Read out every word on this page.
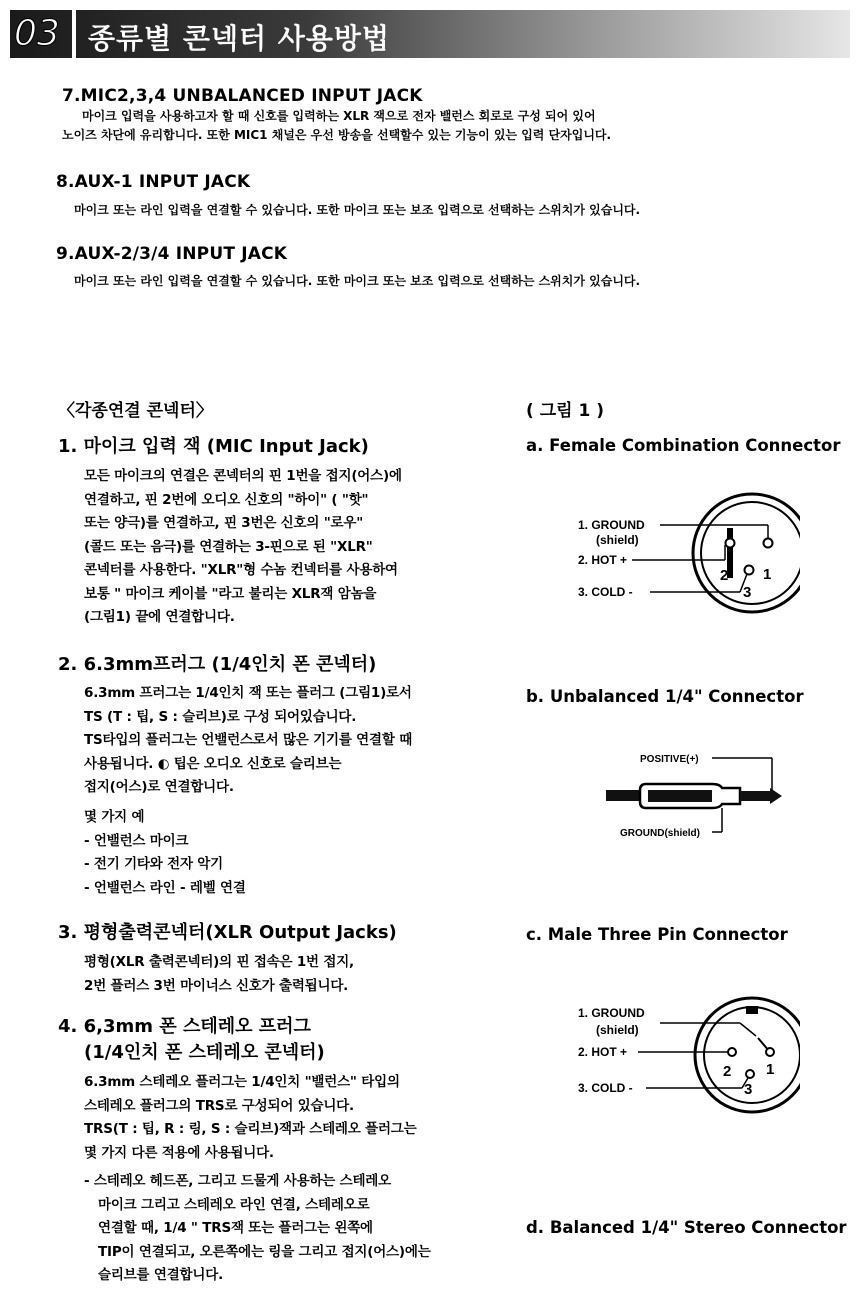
03 종류별 콘넥터 사용방법
7.MIC2,3,4 UNBALANCED INPUT JACK
마이크 입력을 사용하고자 할 때 신호를 입력하는 XLR 잭으로 전자 밸런스 회로로 구성 되어 있어
노이즈 차단에 유리합니다. 또한 MIC1 채널은 우선 방송을 선택할수 있는 기능이 있는 입력 단자입니다.
8.AUX-1 INPUT JACK
마이크 또는 라인 입력을 연결할 수 있습니다. 또한 마이크 또는 보조 입력으로 선택하는 스위치가 있습니다.
9.AUX-2/3/4 INPUT JACK
마이크 또는 라인 입력을 연결할 수 있습니다. 또한 마이크 또는 보조 입력으로 선택하는 스위치가 있습니다.
〈각종연결 콘넥터〉	( 그림 1 )
1. 마이크 입력 잭 (MIC Input Jack)
모든 마이크의 연결은 콘넥터의 핀 1번을 접지(어스)에
연결하고, 핀 2번에 오디오 신호의 "하이" ( "핫"
또는 양극)를 연결하고, 핀 3번은 신호의 "로우"
(콜드 또는 음극)를 연결하는 3-핀으로 된 "XLR"
콘넥터를 사용한다. "XLR"형 수놈 컨넥터를 사용하여
보통 " 마이크 케이블 "라고 불리는 XLR잭 암놈을
(그림1) 끝에 연결합니다.
2. 6.3mm프러그 (1/4인치 폰 콘넥터)
6.3mm 프러그는 1/4인치 잭 또는 플러그 (그림1)로서
TS (T : 팁, S : 슬리브)로 구성 되어있습니다.
TS타입의 플러그는 언밸런스로서 많은 기기를 연결할 때
사용됩니다. ◐ 팁은 오디오 신호로 슬리브는
접지(어스)로 연결합니다.
몇 가지 예
- 언밸런스 마이크
- 전기 기타와 전자 악기
- 언밸런스 라인 - 레벨 연결
3. 평형출력콘넥터(XLR Output Jacks)
평형(XLR 출력콘넥터)의 핀 접속은 1번 접지,
2번 플러스 3번 마이너스 신호가 출력됩니다.
4. 6,3mm 폰 스테레오 프러그
(1/4인치 폰 스테레오 콘넥터)
6.3mm 스테레오 플러그는 1/4인치 "밸런스" 타입의
스테레오 플러그의 TRS로 구성되어 있습니다.
TRS(T : 팁, R : 링, S : 슬리브)잭과 스테레오 플러그는
몇 가지 다른 적용에 사용됩니다.
- 스테레오 헤드폰, 그리고 드물게 사용하는 스테레오
마이크 그리고 스테레오 라인 연결, 스테레오로
연결할 때, 1/4 " TRS잭 또는 플러그는 왼쪽에
TIP이 연결되고, 오른쪽에는 링을 그리고 접지(어스)에는
슬리브를 연결합니다.
a. Female Combination Connector
1. GROUND
(shield)
2. HOT +
3. COLD -
2 1
3
b. Unbalanced 1/4" Connector
POSITIVE(+)
GROUND(shield)
c. Male Three Pin Connector
1. GROUND
(shield)
2. HOT +
3. COLD -
2 1
3
d. Balanced 1/4" Stereo Connector
